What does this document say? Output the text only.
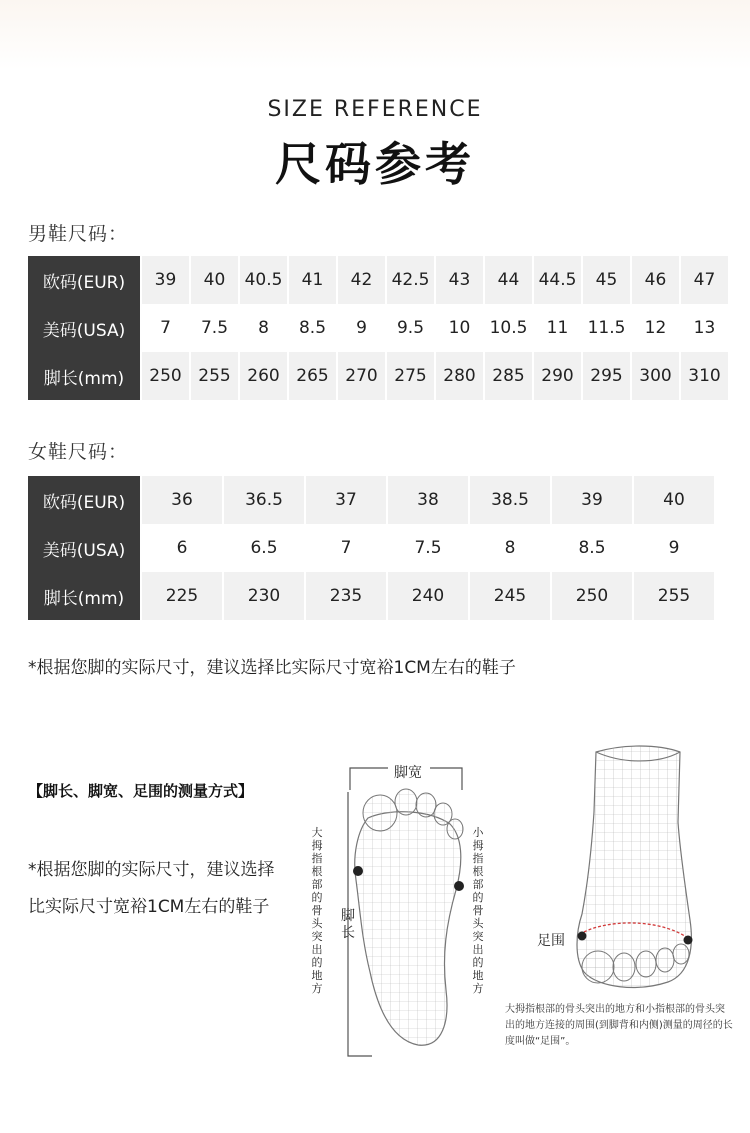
SIZE REFERENCE
尺码参考
男鞋尺码：
欧码(EUR)	39	40	40.5	41	42	42.5	43	44	44.5	45	46	47
美码(USA)	7	7.5	8	8.5	9	9.5	10	10.5	11	11.5	12	13
脚长(mm)	250	255	260	265	270	275	280	285	290	295	300	310
女鞋尺码：
欧码(EUR)	36	36.5	37	38	38.5	39	40
美码(USA)	6	6.5	7	7.5	8	8.5	9
脚长(mm)	225	230	235	240	245	250	255
*根据您脚的实际尺寸，建议选择比实际尺寸宽裕1CM左右的鞋子
【脚长、脚宽、足围的测量方式】
*根据您脚的实际尺寸，建议选择比实际尺寸宽裕1CM左右的鞋子
脚宽
脚长
大拇指根部的骨头突出的地方
小拇指根部的骨头突出的地方
足围
大拇指根部的骨头突出的地方和小指根部的骨头突出的地方连接的周围(到脚背和内侧)测量的周径的长度叫做“足围”。
